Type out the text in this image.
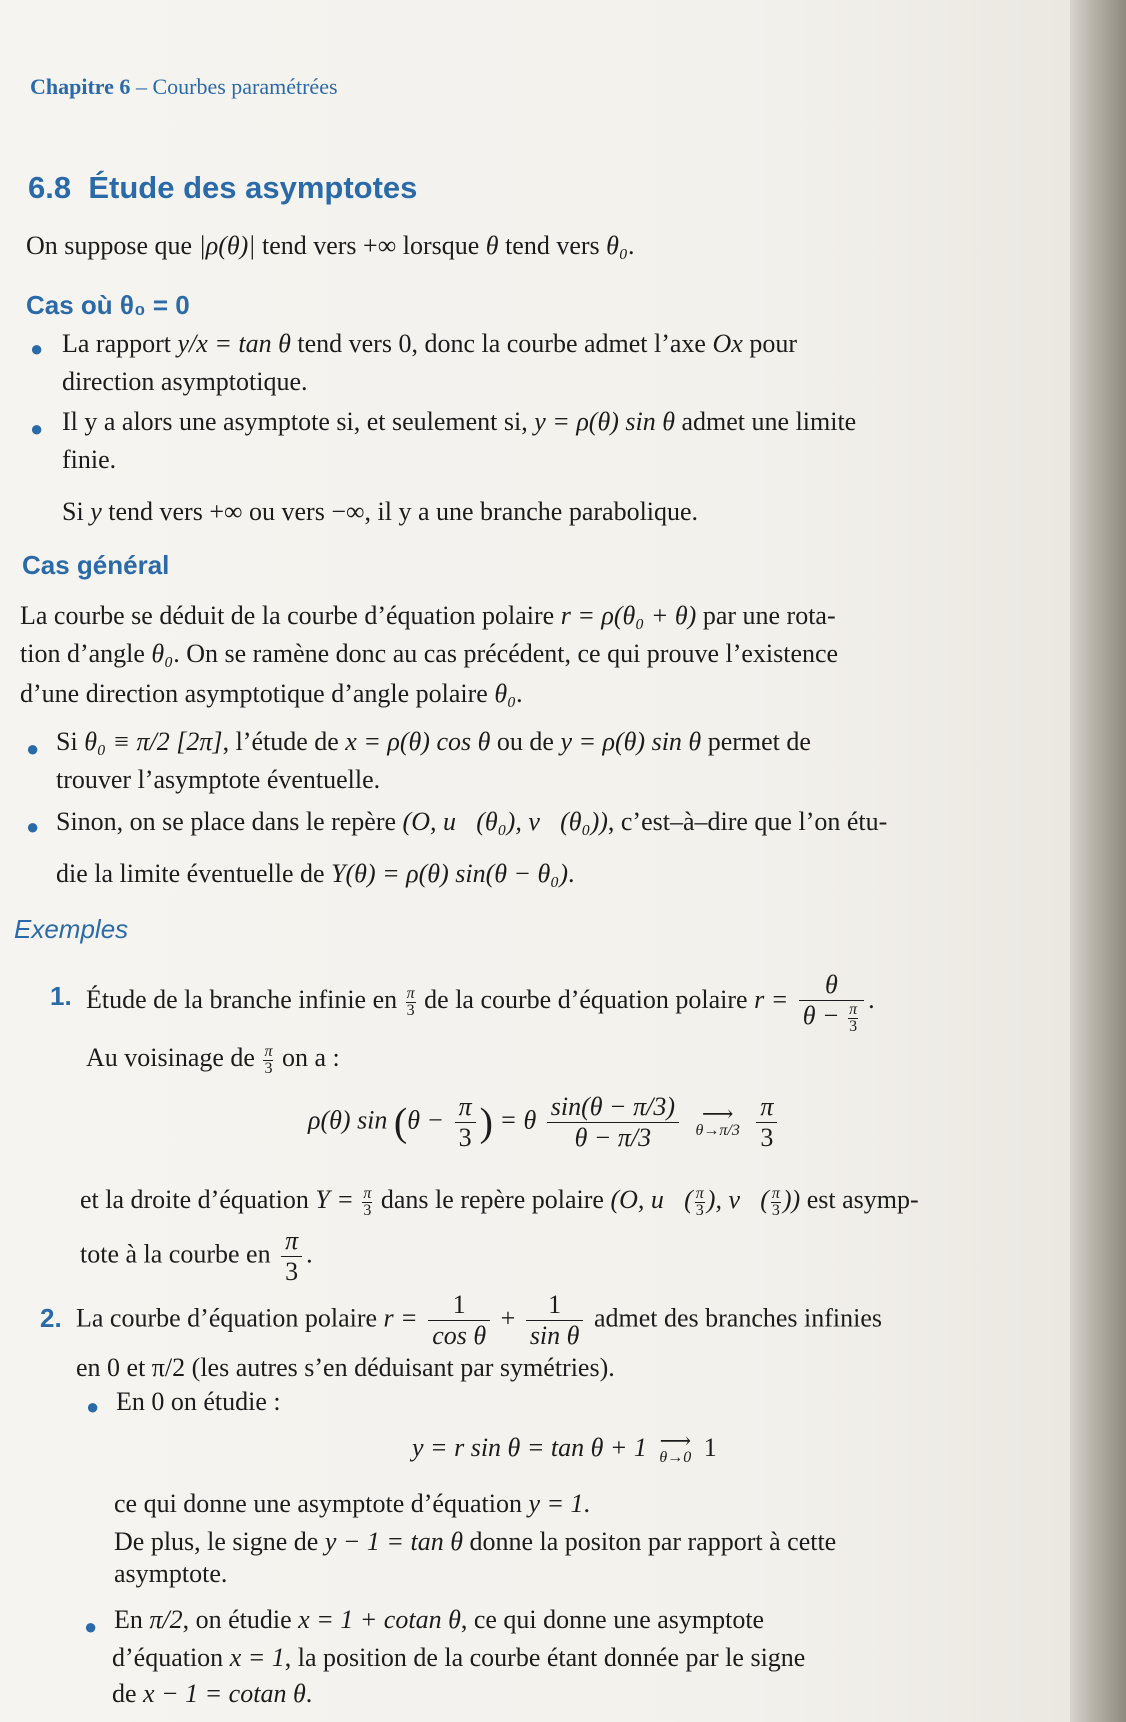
Chapitre 6 – Courbes paramétrées
6.8 Étude des asymptotes
On suppose que |ρ(θ)| tend vers +∞ lorsque θ tend vers θ₀.
Cas où θ₀ = 0
● La rapport y/x = tan θ tend vers 0, donc la courbe admet l’axe Ox pour
direction asymptotique.
● Il y a alors une asymptote si, et seulement si, y = ρ(θ) sin θ admet une limite
finie.
Si y tend vers +∞ ou vers −∞, il y a une branche parabolique.
Cas général
La courbe se déduit de la courbe d’équation polaire r = ρ(θ₀ + θ) par une rota-
tion d’angle θ₀. On se ramène donc au cas précédent, ce qui prouve l’existence
d’une direction asymptotique d’angle polaire θ₀.
● Si θ₀ ≡ π/2 [2π], l’étude de x = ρ(θ) cos θ ou de y = ρ(θ) sin θ permet de
trouver l’asymptote éventuelle.
● Sinon, on se place dans le repère (O, u⃗(θ₀), v⃗(θ₀)), c’est–à–dire que l’on étu-
die la limite éventuelle de Y(θ) = ρ(θ) sin(θ − θ₀).
Exemples
1. Étude de la branche infinie en $\frac{\pi}{3}$ de la courbe d’équation polaire $r = \frac{\theta}{\theta - \frac{\pi}{3}}$ .
Au voisinage de $\frac{\pi}{3}$ on a :
ρ(θ) $\sin (\theta - \frac{\pi}{3}$ ) = θ $\frac{\sin(\theta - \pi/3)}{\theta - \pi/3}$
⟶
θ→π/3
$\frac{\pi}{3}$
et la droite d’équation $Y = \frac{\pi}{3}$ dans le repère polaire (O, u⃗( $\frac{\pi}{3}$ ), v⃗( $\frac{\pi}{3}$ )) est asymp-
tote à la courbe en $\frac{\pi}{3}$ .
2. La courbe d’équation polaire $r = \frac{1}{\text{cos θ}} + \frac{1}{\text{sin θ}}$ admet des branches infinies
en 0 et π/2 (les autres s’en déduisant par symétries).
● En 0 on étudie :
y = r sin θ = tan θ + 1 ⟶
θ→0 1
ce qui donne une asymptote d’équation y = 1.
De plus, le signe de y − 1 = tan θ donne la positon par rapport à cette
asymptote.
● En π/2, on étudie x = 1 + cotan θ, ce qui donne une asymptote
d’équation x = 1, la position de la courbe étant donnée par le signe
de x − 1 = cotan θ.
